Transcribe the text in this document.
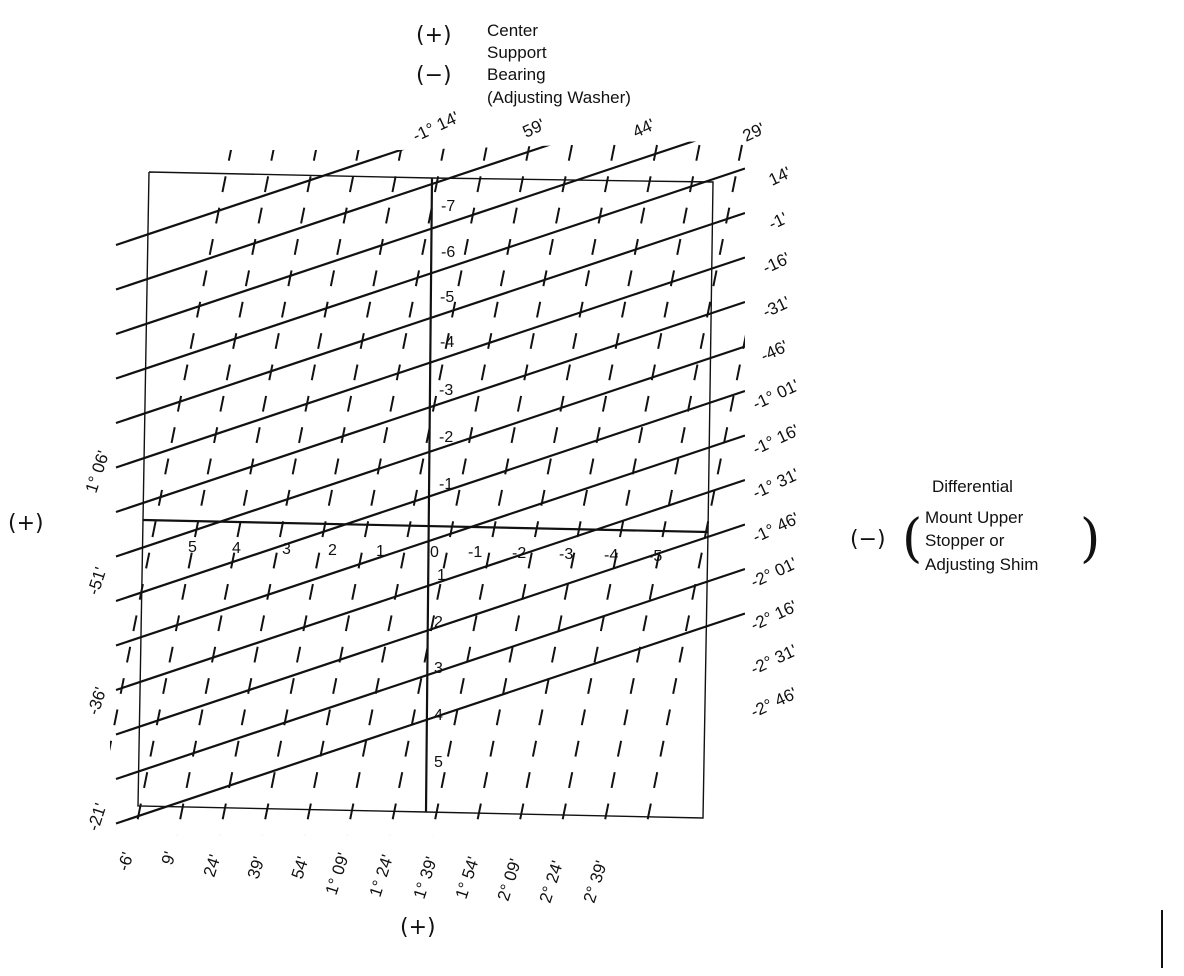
(+)
(−)
Center
Support
Bearing
(Adjusting Washer)
Differential
(−) (	)
Mount Upper
Stopper or
Adjusting Shim
(+)
(+)
5 4	3 2 1	0 -1 -2 -3 -4 -5
-7
-6
-5
-4
-3
-2
-1
1
2
3
4
5
-1° 14'	59'	44'	29'
14'
-1'
-16'
-31'
-46'
-1° 01'
-1° 16'
-1° 31'
-1° 46'
-2° 01'
-2° 16'
-2° 31'
-2° 46'
1° 06'
-51'
-36'
-21'
-6' 9' 24' 39' 54' 1° 09' 1° 24' 1° 39' 1° 54' 2° 09' 2° 24' 2° 39'
